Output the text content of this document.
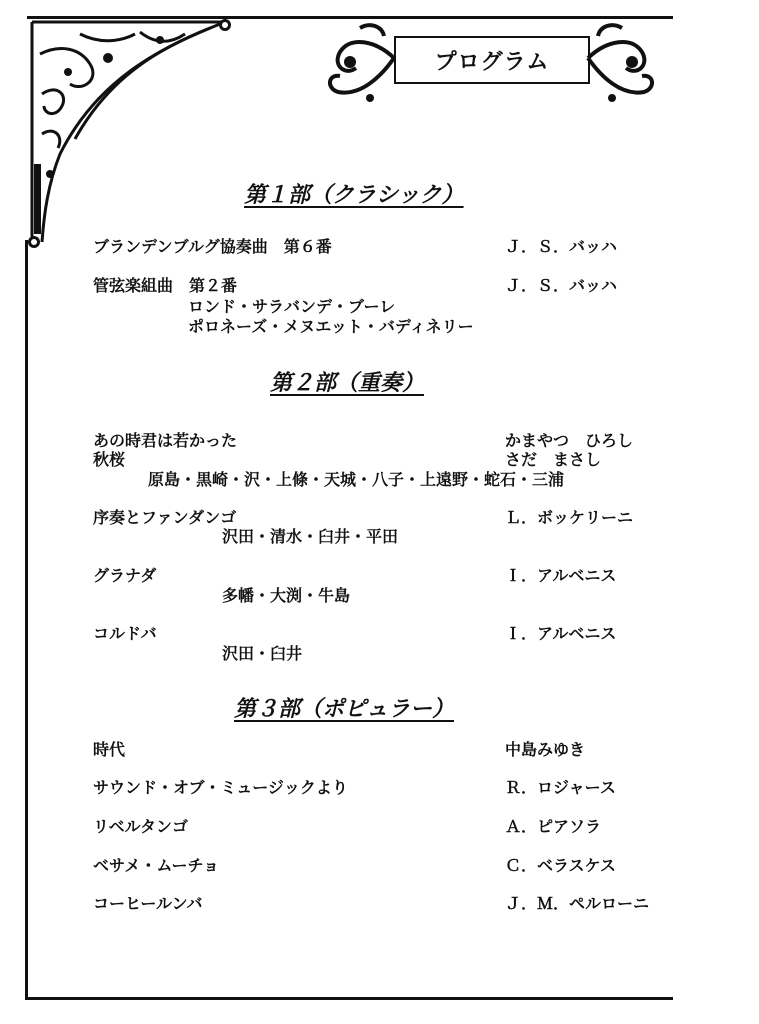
プログラム
第１部（クラシック）
ブランデンブルグ協奏曲　第６番	Ｊ．Ｓ．バッハ
管弦楽組曲　第２番	Ｊ．Ｓ．バッハ
ロンド・サラバンデ・ブーレ
ポロネーズ・メヌエット・バディネリー
第２部（重奏）
あの時君は若かった	かまやつ　ひろし
秋桜	さだ　まさし
原島・黒崎・沢・上條・天城・八子・上遠野・蛇石・三浦
序奏とファンダンゴ	Ｌ．ボッケリーニ
沢田・清水・臼井・平田
グラナダ	Ｉ．アルベニス
多幡・大渕・牛島
コルドバ	Ｉ．アルベニス
沢田・臼井
第３部（ポピュラー）
時代	中島みゆき
サウンド・オブ・ミュージックより	Ｒ．ロジャース
リベルタンゴ	Ａ．ピアソラ
ベサメ・ムーチョ	Ｃ．ベラスケス
コーヒールンバ	Ｊ．Ｍ．ペルローニ
